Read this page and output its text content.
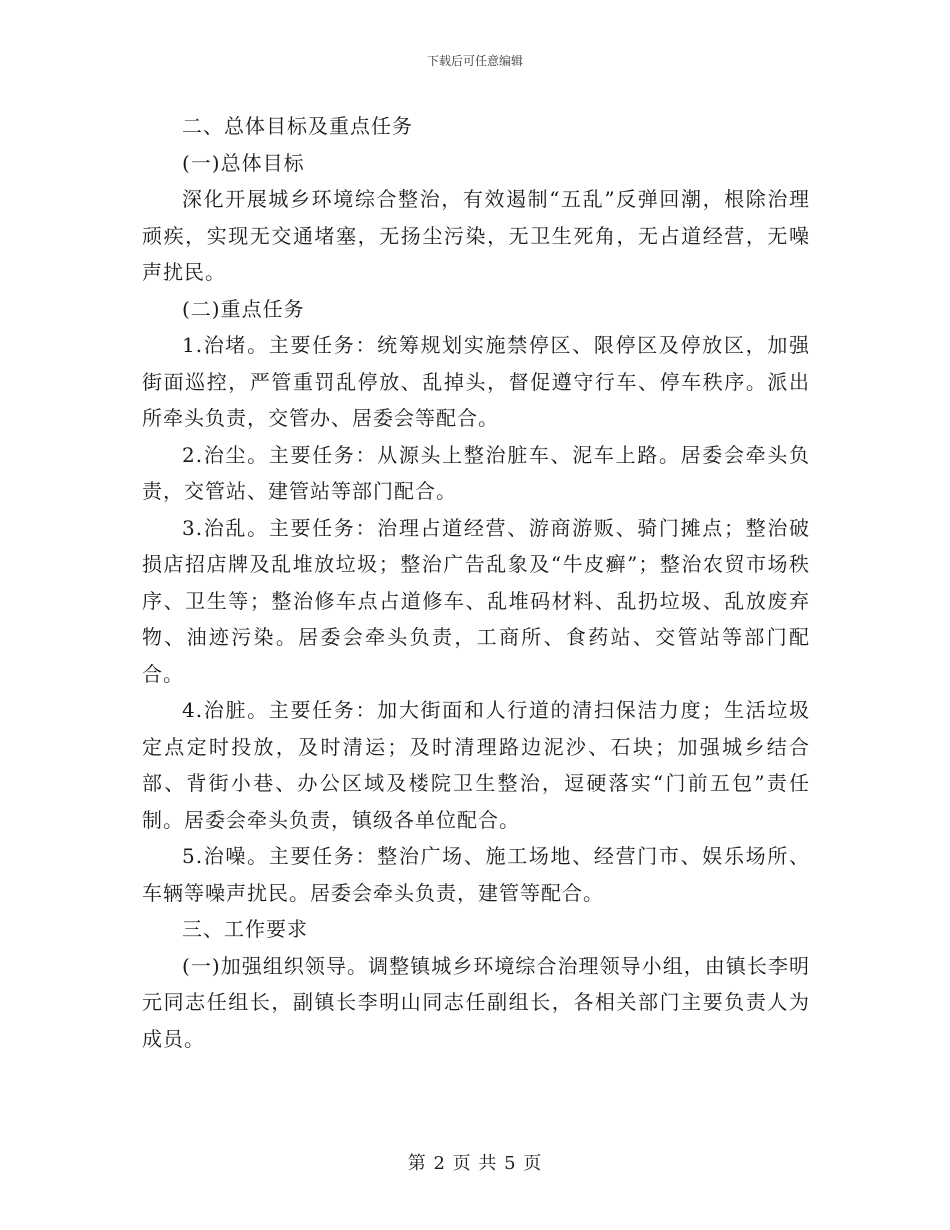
下载后可任意编辑

二、总体目标及重点任务

(一)总体目标

深化开展城乡环境综合整治，有效遏制“五乱”反弹回潮，根除治理顽疾，实现无交通堵塞，无扬尘污染，无卫生死角，无占道经营，无噪声扰民。

(二)重点任务

1.治堵。主要任务：统筹规划实施禁停区、限停区及停放区，加强街面巡控，严管重罚乱停放、乱掉头，督促遵守行车、停车秩序。派出所牵头负责，交管办、居委会等配合。

2.治尘。主要任务：从源头上整治脏车、泥车上路。居委会牵头负责，交管站、建管站等部门配合。

3.治乱。主要任务：治理占道经营、游商游贩、骑门摊点；整治破损店招店牌及乱堆放垃圾；整治广告乱象及“牛皮癣”；整治农贸市场秩序、卫生等；整治修车点占道修车、乱堆码材料、乱扔垃圾、乱放废弃物、油迹污染。居委会牵头负责，工商所、食药站、交管站等部门配合。

4.治脏。主要任务：加大街面和人行道的清扫保洁力度；生活垃圾定点定时投放，及时清运；及时清理路边泥沙、石块；加强城乡结合部、背街小巷、办公区域及楼院卫生整治，逗硬落实“门前五包”责任制。居委会牵头负责，镇级各单位配合。

5.治噪。主要任务：整治广场、施工场地、经营门市、娱乐场所、车辆等噪声扰民。居委会牵头负责，建管等配合。

三、工作要求

(一)加强组织领导。调整镇城乡环境综合治理领导小组，由镇长李明元同志任组长，副镇长李明山同志任副组长，各相关部门主要负责人为成员。

第 2 页 共 5 页
